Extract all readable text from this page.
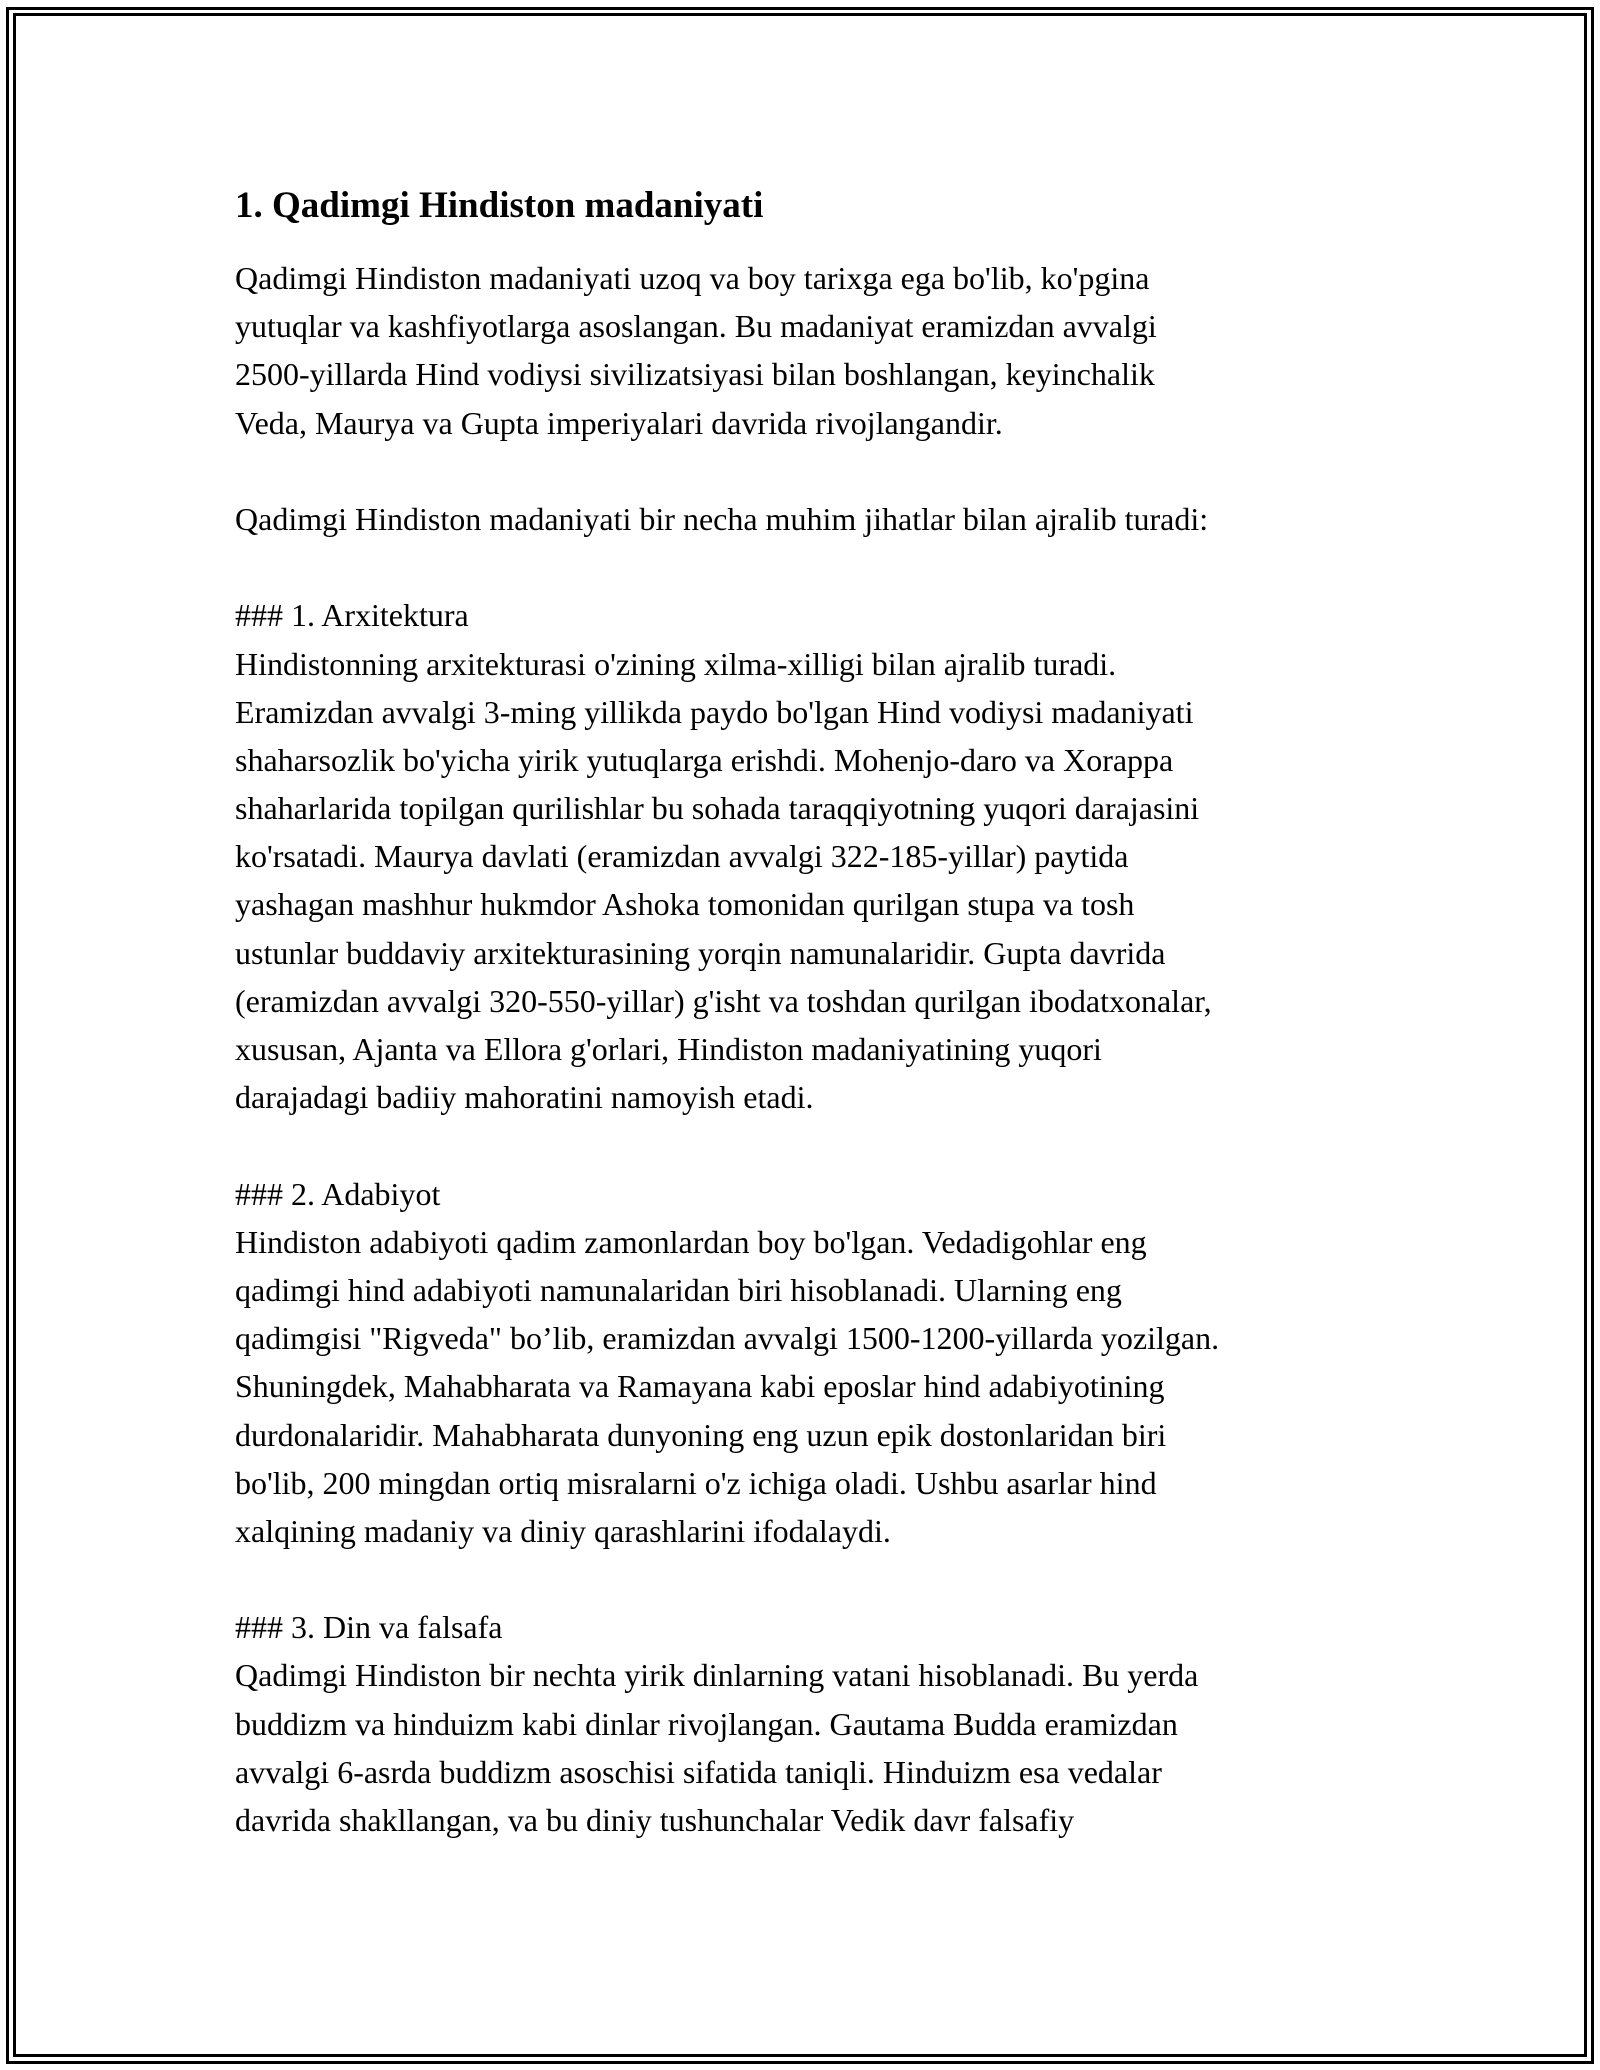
1. Qadimgi Hindiston madaniyati
Qadimgi Hindiston madaniyati uzoq va boy tarixga ega bo'lib, ko'pgina
yutuqlar va kashfiyotlarga asoslangan. Bu madaniyat eramizdan avvalgi
2500-yillarda Hind vodiysi sivilizatsiyasi bilan boshlangan, keyinchalik
Veda, Maurya va Gupta imperiyalari davrida rivojlangandir.
Qadimgi Hindiston madaniyati bir necha muhim jihatlar bilan ajralib turadi:
### 1. Arxitektura
Hindistonning arxitekturasi o'zining xilma-xilligi bilan ajralib turadi.
Eramizdan avvalgi 3-ming yillikda paydo bo'lgan Hind vodiysi madaniyati
shaharsozlik bo'yicha yirik yutuqlarga erishdi. Mohenjo-daro va Xorappa
shaharlarida topilgan qurilishlar bu sohada taraqqiyotning yuqori darajasini
ko'rsatadi. Maurya davlati (eramizdan avvalgi 322-185-yillar) paytida
yashagan mashhur hukmdor Ashoka tomonidan qurilgan stupa va tosh
ustunlar buddaviy arxitekturasining yorqin namunalaridir. Gupta davrida
(eramizdan avvalgi 320-550-yillar) g'isht va toshdan qurilgan ibodatxonalar,
xususan, Ajanta va Ellora g'orlari, Hindiston madaniyatining yuqori
darajadagi badiiy mahoratini namoyish etadi.
### 2. Adabiyot
Hindiston adabiyoti qadim zamonlardan boy bo'lgan. Vedadigohlar eng
qadimgi hind adabiyoti namunalaridan biri hisoblanadi. Ularning eng
qadimgisi "Rigveda" bo’lib, eramizdan avvalgi 1500-1200-yillarda yozilgan.
Shuningdek, Mahabharata va Ramayana kabi eposlar hind adabiyotining
durdonalaridir. Mahabharata dunyoning eng uzun epik dostonlaridan biri
bo'lib, 200 mingdan ortiq misralarni o'z ichiga oladi. Ushbu asarlar hind
xalqining madaniy va diniy qarashlarini ifodalaydi.
### 3. Din va falsafa
Qadimgi Hindiston bir nechta yirik dinlarning vatani hisoblanadi. Bu yerda
buddizm va hinduizm kabi dinlar rivojlangan. Gautama Budda eramizdan
avvalgi 6-asrda buddizm asoschisi sifatida taniqli. Hinduizm esa vedalar
davrida shakllangan, va bu diniy tushunchalar Vedik davr falsafiy
